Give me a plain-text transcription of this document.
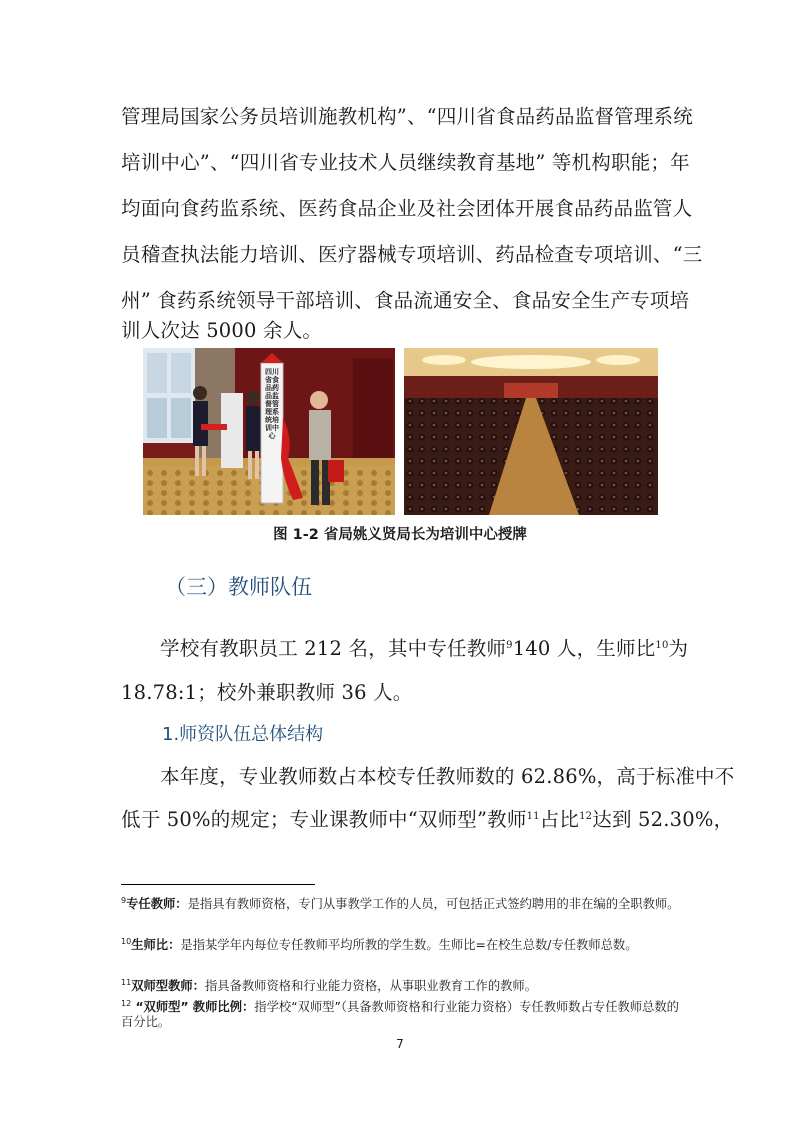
管理局国家公务员培训施教机构”、“四川省食品药品监督管理系统
培训中心”、“四川省专业技术人员继续教育基地” 等机构职能；年
均面向食药监系统、医药食品企业及社会团体开展食品药品监管人
员稽查执法能力培训、医疗器械专项培训、药品检查专项培训、“三
州” 食药系统领导干部培训、食品流通安全、食品安全生产专项培
训人次达 5000 余人。
四川省食品药品监督管理系统培训中心
图 1-2 省局姚义贤局长为培训中心授牌
（三）教师队伍
学校有教职员工 212 名，其中专任教师$^9$140 人，生师比$^{10}$为
18.78:1；校外兼职教师 36 人。
1.师资队伍总体结构
本年度，专业教师数占本校专任教师数的 62.86%，高于标准中不
低于 50%的规定；专业课教师中“双师型”教师$^{11}$占比$^{12}$达到 52.30%，
$^9$专任教师：是指具有教师资格，专门从事教学工作的人员，可包括正式签约聘用的非在编的全职教师。
$^{10}$生师比：是指某学年内每位专任教师平均所教的学生数。生师比=在校生总数/专任教师总数。
$^{11}$双师型教师：指具备教师资格和行业能力资格，从事职业教育工作的教师。
$^{12}$ “双师型” 教师比例：指学校“双师型”（具备教师资格和行业能力资格）专任教师数占专任教师总数的百分比。
7
